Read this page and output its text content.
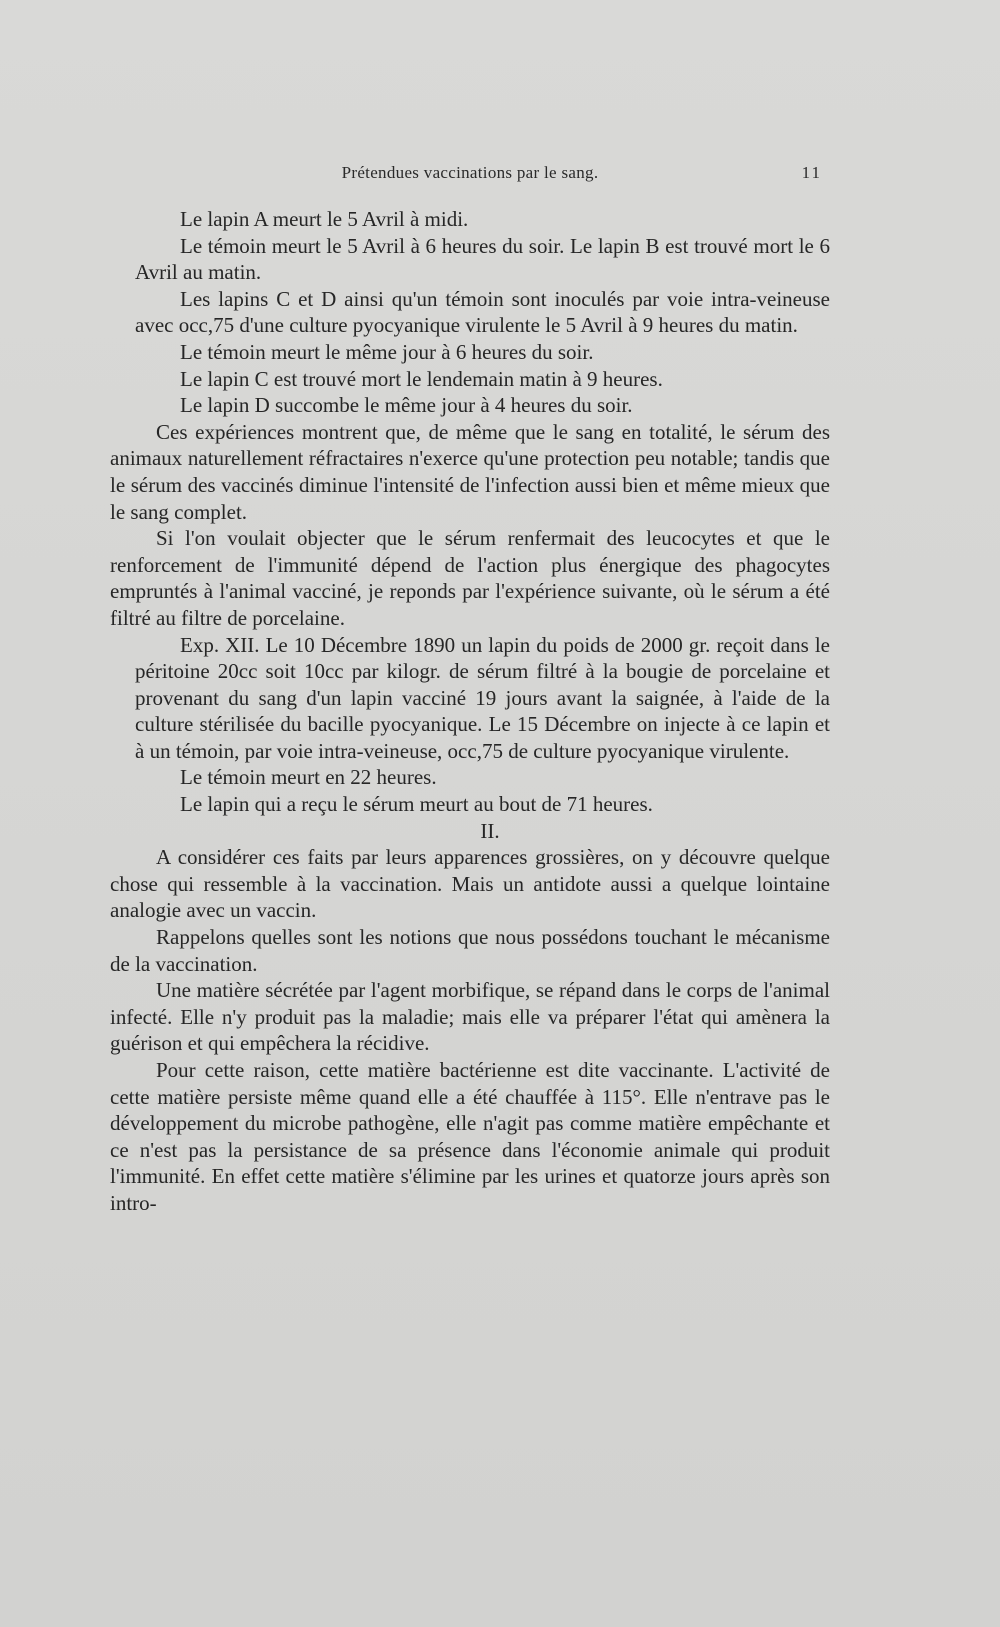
Prétendues vaccinations par le sang.	11

Le lapin A meurt le 5 Avril à midi.

Le témoin meurt le 5 Avril à 6 heures du soir. Le lapin B est trouvé mort le 6 Avril au matin.

Les lapins C et D ainsi qu'un témoin sont inoculés par voie intra-veineuse avec occ,75 d'une culture pyocyanique virulente le 5 Avril à 9 heures du matin.

Le témoin meurt le même jour à 6 heures du soir.

Le lapin C est trouvé mort le lendemain matin à 9 heures.

Le lapin D succombe le même jour à 4 heures du soir.

Ces expériences montrent que, de même que le sang en totalité, le sérum des animaux naturellement réfractaires n'exerce qu'une protection peu notable; tandis que le sérum des vaccinés diminue l'intensité de l'infection aussi bien et même mieux que le sang complet.

Si l'on voulait objecter que le sérum renfermait des leucocytes et que le renforcement de l'immunité dépend de l'action plus énergique des phagocytes empruntés à l'animal vacciné, je reponds par l'expérience suivante, où le sérum a été filtré au filtre de porcelaine.

Exp. XII. Le 10 Décembre 1890 un lapin du poids de 2000 gr. reçoit dans le péritoine 20cc soit 10cc par kilogr. de sérum filtré à la bougie de porcelaine et provenant du sang d'un lapin vacciné 19 jours avant la saignée, à l'aide de la culture stérilisée du bacille pyocyanique. Le 15 Décembre on injecte à ce lapin et à un témoin, par voie intra-veineuse, occ,75 de culture pyocyanique virulente.

Le témoin meurt en 22 heures.

Le lapin qui a reçu le sérum meurt au bout de 71 heures.

II.

A considérer ces faits par leurs apparences grossières, on y découvre quelque chose qui ressemble à la vaccination. Mais un antidote aussi a quelque lointaine analogie avec un vaccin.

Rappelons quelles sont les notions que nous possédons touchant le mécanisme de la vaccination.

Une matière sécrétée par l'agent morbifique, se répand dans le corps de l'animal infecté. Elle n'y produit pas la maladie; mais elle va préparer l'état qui amènera la guérison et qui empêchera la récidive.

Pour cette raison, cette matière bactérienne est dite vaccinante. L'activité de cette matière persiste même quand elle a été chauffée à 115°. Elle n'entrave pas le développement du microbe pathogène, elle n'agit pas comme matière empêchante et ce n'est pas la persistance de sa présence dans l'économie animale qui produit l'immunité. En effet cette matière s'élimine par les urines et quatorze jours après son intro-
